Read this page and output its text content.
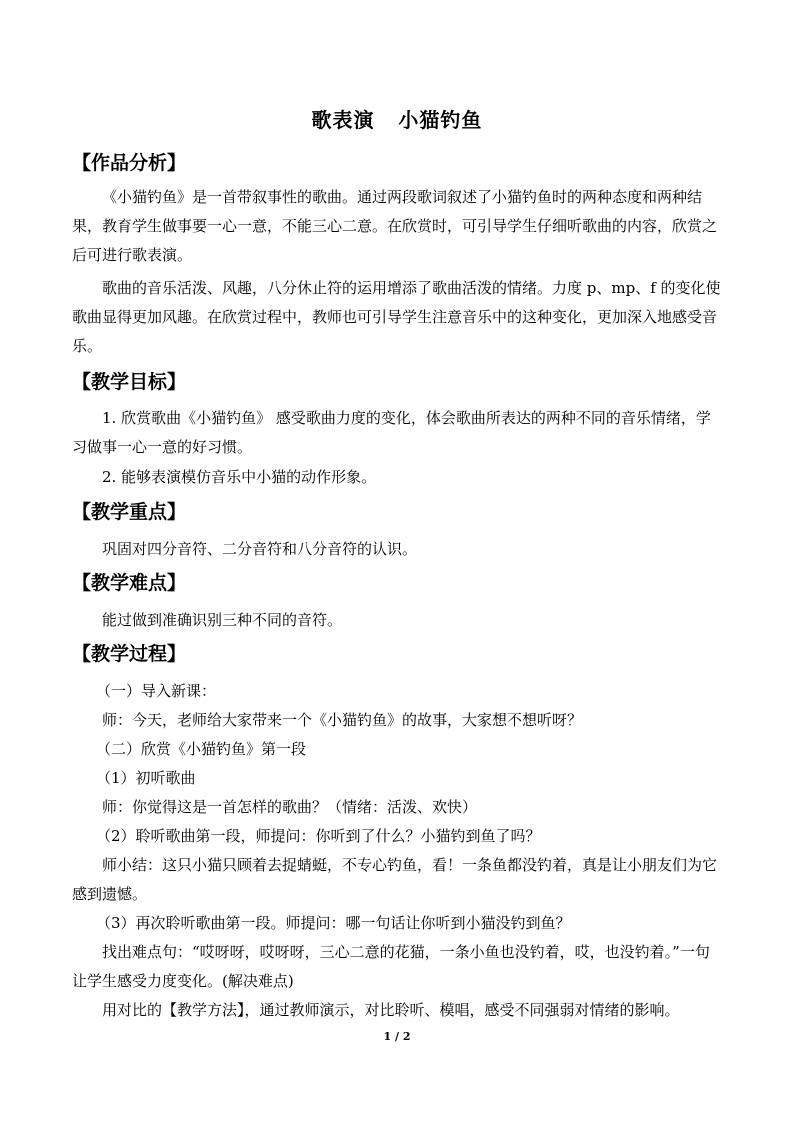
歌表演   小猫钓鱼
【作品分析】

《小猫钓鱼》是一首带叙事性的歌曲。通过两段歌词叙述了小猫钓鱼时的两种态度和两种结果，教育学生做事要一心一意，不能三心二意。在欣赏时，可引导学生仔细听歌曲的内容，欣赏之后可进行歌表演。

歌曲的音乐活泼、风趣，八分休止符的运用增添了歌曲活泼的情绪。力度 p、mp、f 的变化使歌曲显得更加风趣。在欣赏过程中，教师也可引导学生注意音乐中的这种变化，更加深入地感受音乐。

【教学目标】

1. 欣赏歌曲《小猫钓鱼》 感受歌曲力度的变化，体会歌曲所表达的两种不同的音乐情绪，学习做事一心一意的好习惯。

2. 能够表演模仿音乐中小猫的动作形象。

【教学重点】

巩固对四分音符、二分音符和八分音符的认识。

【教学难点】

能过做到准确识别三种不同的音符。

【教学过程】

（一）导入新课：

师：今天，老师给大家带来一个《小猫钓鱼》的故事，大家想不想听呀？

（二）欣赏《小猫钓鱼》第一段

（1）初听歌曲

师：你觉得这是一首怎样的歌曲？（情绪：活泼、欢快）

（2）聆听歌曲第一段，师提问：你听到了什么？小猫钓到鱼了吗？

师小结：这只小猫只顾着去捉蜻蜓，不专心钓鱼，看！一条鱼都没钓着，真是让小朋友们为它感到遗憾。

（3）再次聆听歌曲第一段。师提问：哪一句话让你听到小猫没钓到鱼？

找出难点句：“哎呀呀，哎呀呀，三心二意的花猫，一条小鱼也没钓着，哎，也没钓着。”一句让学生感受力度变化。(解决难点)

用对比的【教学方法】，通过教师演示，对比聆听、模唱，感受不同强弱对情绪的影响。

1 / 2
